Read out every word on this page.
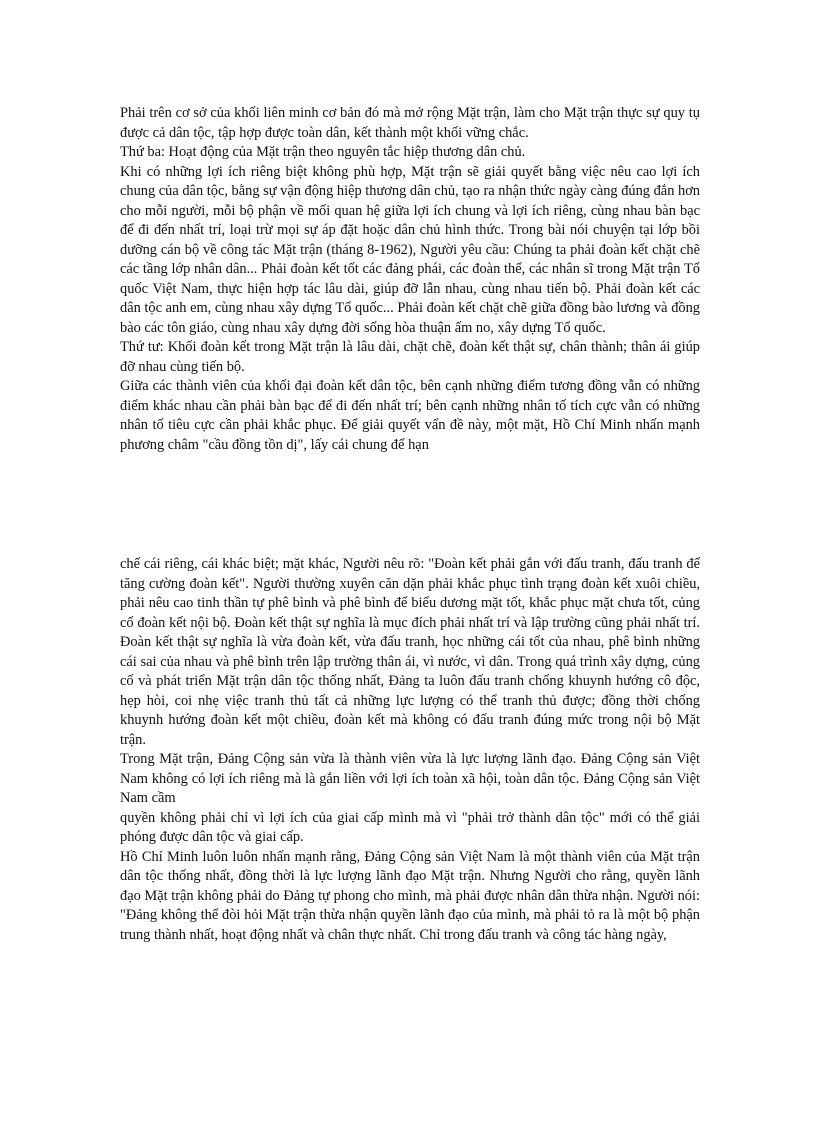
Phải trên cơ sở của khối liên minh cơ bản đó mà mở rộng Mặt trận, làm cho Mặt trận thực sự quy tụ được cả dân tộc, tập hợp được toàn dân, kết thành một khối vững chắc.

Thứ ba: Hoạt động của Mặt trận theo nguyên tắc hiệp thương dân chủ.

Khi có những lợi ích riêng biệt không phù hợp, Mặt trận sẽ giải quyết bằng việc nêu cao lợi ích chung của dân tộc, bằng sự vận động hiệp thương dân chủ, tạo ra nhận thức ngày càng đúng đắn hơn cho mỗi người, mỗi bộ phận về mối quan hệ giữa lợi ích chung và lợi ích riêng, cùng nhau bàn bạc để đi đến nhất trí, loại trừ mọi sự áp đặt hoặc dân chủ hình thức. Trong bài nói chuyện tại lớp bồi dưỡng cán bộ về công tác Mặt trận (tháng 8-1962), Người yêu cầu: Chúng ta phải đoàn kết chặt chẽ các tầng lớp nhân dân... Phải đoàn kết tốt các đảng phái, các đoàn thể, các nhân sĩ trong Mặt trận Tổ quốc Việt Nam, thực hiện hợp tác lâu dài, giúp đỡ lẫn nhau, cùng nhau tiến bộ. Phải đoàn kết các dân tộc anh em, cùng nhau xây dựng Tổ quốc... Phải đoàn kết chặt chẽ giữa đồng bào lương và đồng bào các tôn giáo, cùng nhau xây dựng đời sống hòa thuận ấm no, xây dựng Tổ quốc.

Thứ tư: Khối đoàn kết trong Mặt trận là lâu dài, chặt chẽ, đoàn kết thật sự, chân thành; thân ái giúp đỡ nhau cùng tiến bộ.

Giữa các thành viên của khối đại đoàn kết dân tộc, bên cạnh những điểm tương đồng vẫn có những điểm khác nhau cần phải bàn bạc để đi đến nhất trí; bên cạnh những nhân tố tích cực vẫn có những nhân tố tiêu cực cần phải khắc phục. Để giải quyết vấn đề này, một mặt, Hồ Chí Minh nhấn mạnh phương châm "cầu đồng tồn dị", lấy cái chung để hạn

chế cái riêng, cái khác biệt; mặt khác, Người nêu rõ: "Đoàn kết phải gắn với đấu tranh, đấu tranh để tăng cường đoàn kết". Người thường xuyên căn dặn phải khắc phục tình trạng đoàn kết xuôi chiều, phải nêu cao tinh thần tự phê bình và phê bình để biểu dương mặt tốt, khắc phục mặt chưa tốt, củng cố đoàn kết nội bộ. Đoàn kết thật sự nghĩa là mục đích phải nhất trí và lập trường cũng phải nhất trí. Đoàn kết thật sự nghĩa là vừa đoàn kết, vừa đấu tranh, học những cái tốt của nhau, phê bình những cái sai của nhau và phê bình trên lập trường thân ái, vì nước, vì dân. Trong quá trình xây dựng, củng cố và phát triển Mặt trận dân tộc thống nhất, Đảng ta luôn đấu tranh chống khuynh hướng cô độc, hẹp hòi, coi nhẹ việc tranh thủ tất cả những lực lượng có thể tranh thủ được; đồng thời chống khuynh hướng đoàn kết một chiều, đoàn kết mà không có đấu tranh đúng mức trong nội bộ Mặt trận.

Trong Mặt trận, Đảng Cộng sản vừa là thành viên vừa là lực lượng lãnh đạo. Đảng Cộng sản Việt Nam không có lợi ích riêng mà là gắn liền với lợi ích toàn xã hội, toàn dân tộc. Đảng Cộng sản Việt Nam cầm

quyền không phải chỉ vì lợi ích của giai cấp mình mà vì "phải trở thành dân tộc" mới có thể giải phóng được dân tộc và giai cấp.

Hồ Chí Minh luôn luôn nhấn mạnh rằng, Đảng Cộng sản Việt Nam là một thành viên của Mặt trận dân tộc thống nhất, đồng thời là lực lượng lãnh đạo Mặt trận. Nhưng Người cho rằng, quyền lãnh đạo Mặt trận không phải do Đảng tự phong cho mình, mà phải được nhân dân thừa nhận. Người nói: "Đảng không thể đòi hỏi Mặt trận thừa nhận quyền lãnh đạo của mình, mà phải tỏ ra là một bộ phận trung thành nhất, hoạt động nhất và chân thực nhất. Chỉ trong đấu tranh và công tác hàng ngày,
